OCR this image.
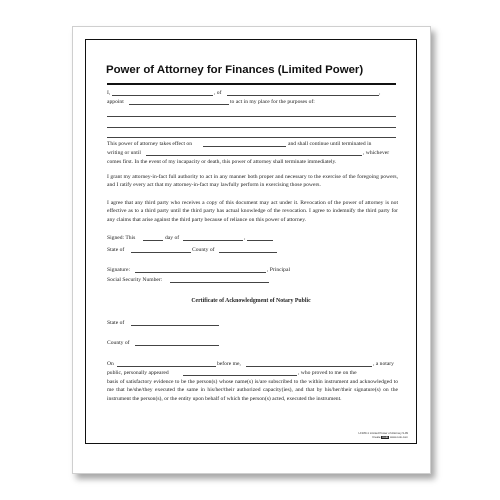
Power of Attorney for Finances (Limited Power)
I,	, of	,
appoint	to act in my place for the purposes of:
This power of attorney takes effect on	and shall continue until terminated in
writing or until	, whichever
comes first. In the event of my incapacity or death, this power of attorney shall terminate immediately.
I grant my attorney-in-fact full authority to act in any manner both proper and necessary to the exercise of the foregoing powers, and I ratify every act that my attorney-in-fact may lawfully perform in exercising those powers.
I agree that any third party who receives a copy of this document may act under it. Revocation of the power of attorney is not effective as to a third party until the third party has actual knowledge of the revocation. I agree to indemnify the third party for any claims that arise against the third party because of reliance on this power of attorney.
Signed: This	day of	,
State of	County of
Signature:	, Principal
Social Security Number:
Certificate of Acknowledgment of Notary Public
State of
County of
On	before me,	, a notary
public, personally appeared	, who proved to me on the
basis of satisfactory evidence to be the person(s) whose name(s) is/are subscribed to the within instrument and acknowledged to me that he/she/they executed the same in his/her/their authorized capacity(ies), and that by his/her/their signature(s) on the instrument the person(s), or the entity upon behalf of which the person(s) acted, executed the instrument.
LF180-1 Limited Power of Attorney 9-09
Create nolo www.nolo.com
